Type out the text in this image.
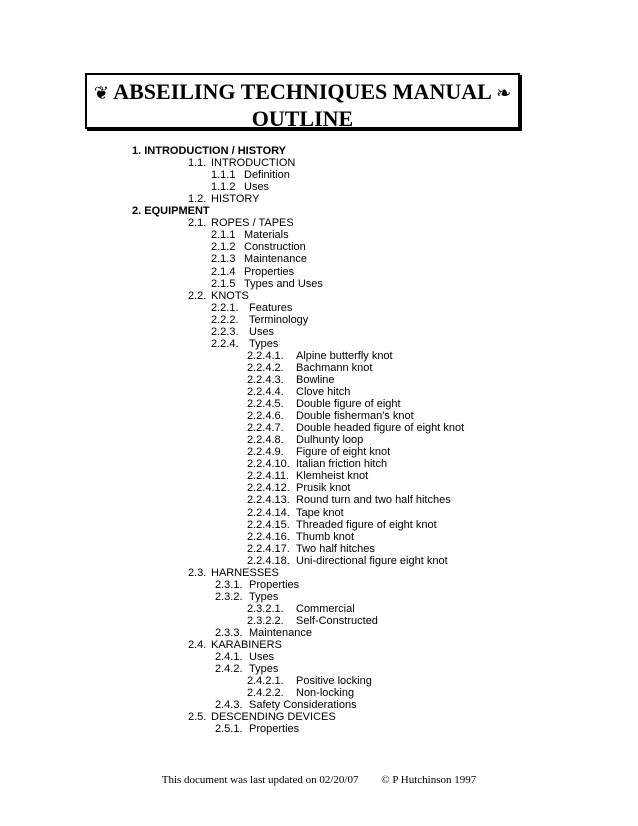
❦ ABSEILING TECHNIQUES MANUAL ❧
OUTLINE
1. INTRODUCTION / HISTORY
1.1. INTRODUCTION
1.1.1 Definition
1.1.2 Uses
1.2. HISTORY
2. EQUIPMENT
2.1. ROPES / TAPES
2.1.1 Materials
2.1.2 Construction
2.1.3 Maintenance
2.1.4 Properties
2.1.5 Types and Uses
2.2. KNOTS
2.2.1. Features
2.2.2. Terminology
2.2.3. Uses
2.2.4. Types
2.2.4.1. Alpine butterfly knot
2.2.4.2. Bachmann knot
2.2.4.3. Bowline
2.2.4.4. Clove hitch
2.2.4.5. Double figure of eight
2.2.4.6. Double fisherman's knot
2.2.4.7. Double headed figure of eight knot
2.2.4.8. Dulhunty loop
2.2.4.9. Figure of eight knot
2.2.4.10. Italian friction hitch
2.2.4.11. Klemheist knot
2.2.4.12. Prusik knot
2.2.4.13. Round turn and two half hitches
2.2.4.14. Tape knot
2.2.4.15. Threaded figure of eight knot
2.2.4.16. Thumb knot
2.2.4.17. Two half hitches
2.2.4.18. Uni-directional figure eight knot
2.3. HARNESSES
2.3.1. Properties
2.3.2. Types
2.3.2.1. Commercial
2.3.2.2. Self-Constructed
2.3.3. Maintenance
2.4. KARABINERS
2.4.1. Uses
2.4.2. Types
2.4.2.1. Positive locking
2.4.2.2. Non-locking
2.4.3. Safety Considerations
2.5. DESCENDING DEVICES
2.5.1. Properties
This document was last updated on 02/20/07 © P Hutchinson 1997
